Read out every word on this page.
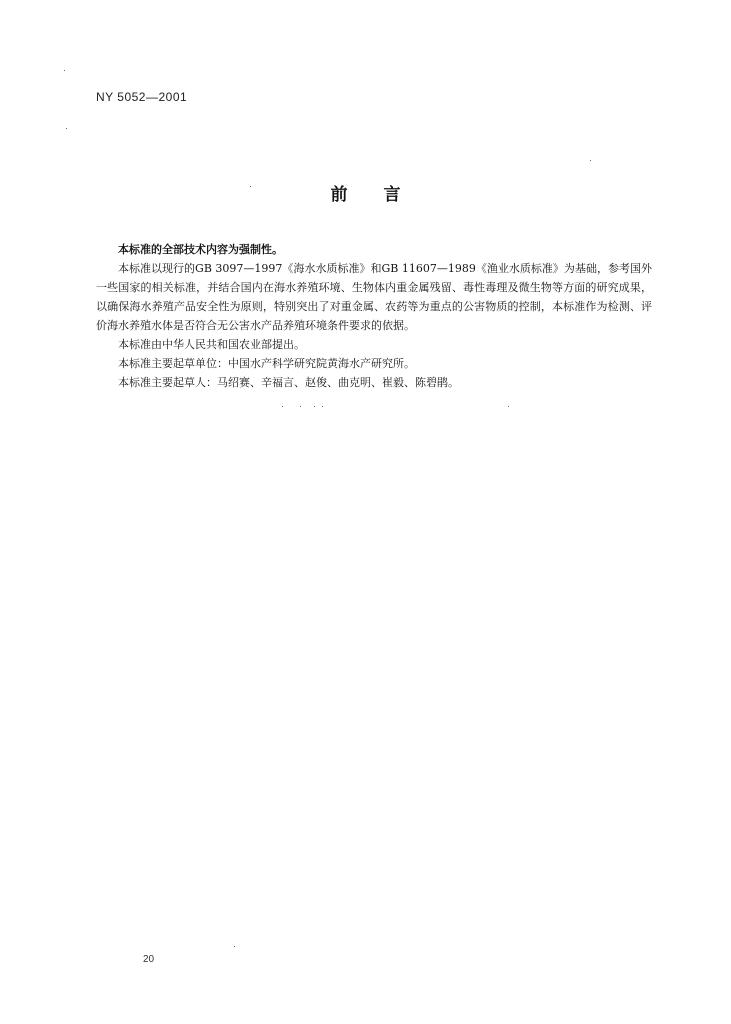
NY 5052—2001
前言

本标准的全部技术内容为强制性。

本标准以现行的GB 3097—1997《海水水质标准》和GB 11607—1989《渔业水质标准》为基础，参考国外一些国家的相关标准，并结合国内在海水养殖环境、生物体内重金属残留、毒性毒理及微生物等方面的研究成果，以确保海水养殖产品安全性为原则，特别突出了对重金属、农药等为重点的公害物质的控制，本标准作为检测、评价海水养殖水体是否符合无公害水产品养殖环境条件要求的依据。

本标准由中华人民共和国农业部提出。

本标准主要起草单位：中国水产科学研究院黄海水产研究所。

本标准主要起草人：马绍赛、辛福言、赵俊、曲克明、崔毅、陈碧鹃。

20
